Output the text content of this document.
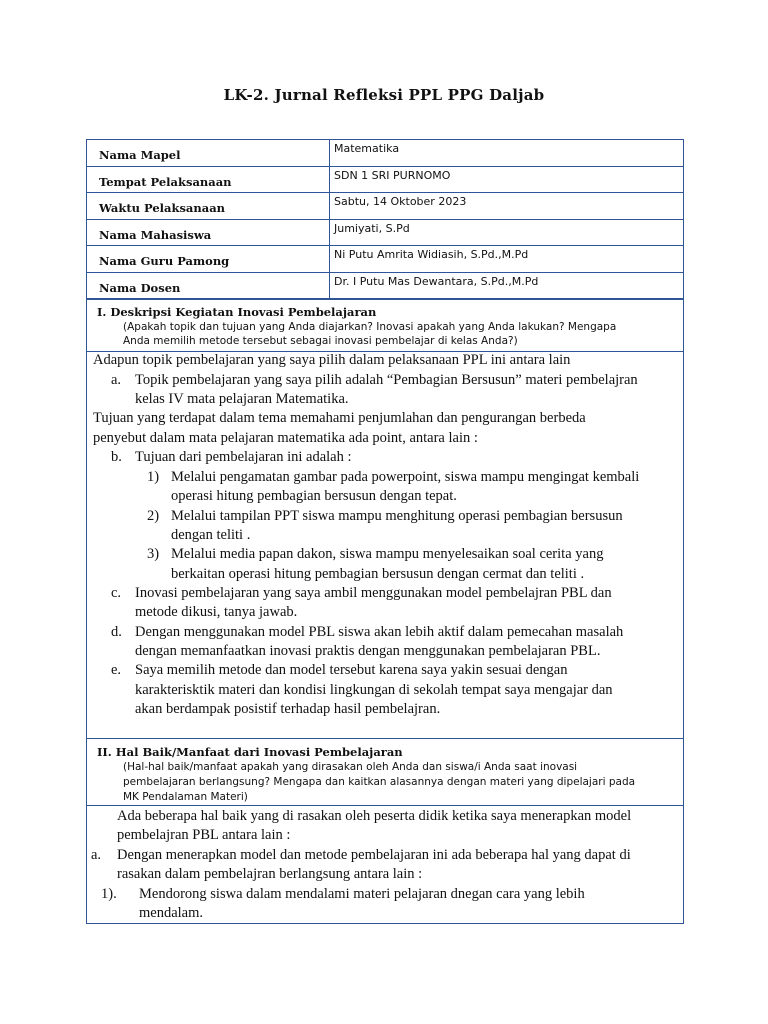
LK-2. Jurnal Refleksi PPL PPG Daljab
Nama Mapel	Matematika
Tempat Pelaksanaan	SDN 1 SRI PURNOMO
Waktu Pelaksanaan	Sabtu, 14 Oktober 2023
Nama Mahasiswa	Jumiyati, S.Pd
Nama Guru Pamong	Ni Putu Amrita Widiasih, S.Pd.,M.Pd
Nama Dosen	Dr. I Putu Mas Dewantara, S.Pd.,M.Pd
I. Deskripsi Kegiatan Inovasi Pembelajaran
(Apakah topik dan tujuan yang Anda diajarkan? Inovasi apakah yang Anda lakukan? Mengapa
Anda memilih metode tersebut sebagai inovasi pembelajar di kelas Anda?)
Adapun topik pembelajaran yang saya pilih dalam pelaksanaan PPL ini antara lain
a. Topik pembelajaran yang saya pilih adalah “Pembagian Bersusun” materi pembelajran
kelas IV mata pelajaran Matematika.
Tujuan yang terdapat dalam tema memahami penjumlahan dan pengurangan berbeda
penyebut dalam mata pelajaran matematika ada point, antara lain :
b. Tujuan dari pembelajaran ini adalah :
1) Melalui pengamatan gambar pada powerpoint, siswa mampu mengingat kembali
operasi hitung pembagian bersusun dengan tepat.
2) Melalui tampilan PPT siswa mampu menghitung operasi pembagian bersusun
dengan teliti .
3) Melalui media papan dakon, siswa mampu menyelesaikan soal cerita yang
berkaitan operasi hitung pembagian bersusun dengan cermat dan teliti .
c. Inovasi pembelajaran yang saya ambil menggunakan model pembelajran PBL dan
metode dikusi, tanya jawab.
d. Dengan menggunakan model PBL siswa akan lebih aktif dalam pemecahan masalah
dengan memanfaatkan inovasi praktis dengan menggunakan pembelajaran PBL.
e. Saya memilih metode dan model tersebut karena saya yakin sesuai dengan
karakterisktik materi dan kondisi lingkungan di sekolah tempat saya mengajar dan
akan berdampak posistif terhadap hasil pembelajran.
II. Hal Baik/Manfaat dari Inovasi Pembelajaran
(Hal-hal baik/manfaat apakah yang dirasakan oleh Anda dan siswa/i Anda saat inovasi
pembelajaran berlangsung? Mengapa dan kaitkan alasannya dengan materi yang dipelajari pada
MK Pendalaman Materi)
Ada beberapa hal baik yang di rasakan oleh peserta didik ketika saya menerapkan model
pembelajran PBL antara lain :
a. Dengan menerapkan model dan metode pembelajaran ini ada beberapa hal yang dapat di
rasakan dalam pembelajran berlangsung antara lain :
1). Mendorong siswa dalam mendalami materi pelajaran dnegan cara yang lebih
mendalam.
